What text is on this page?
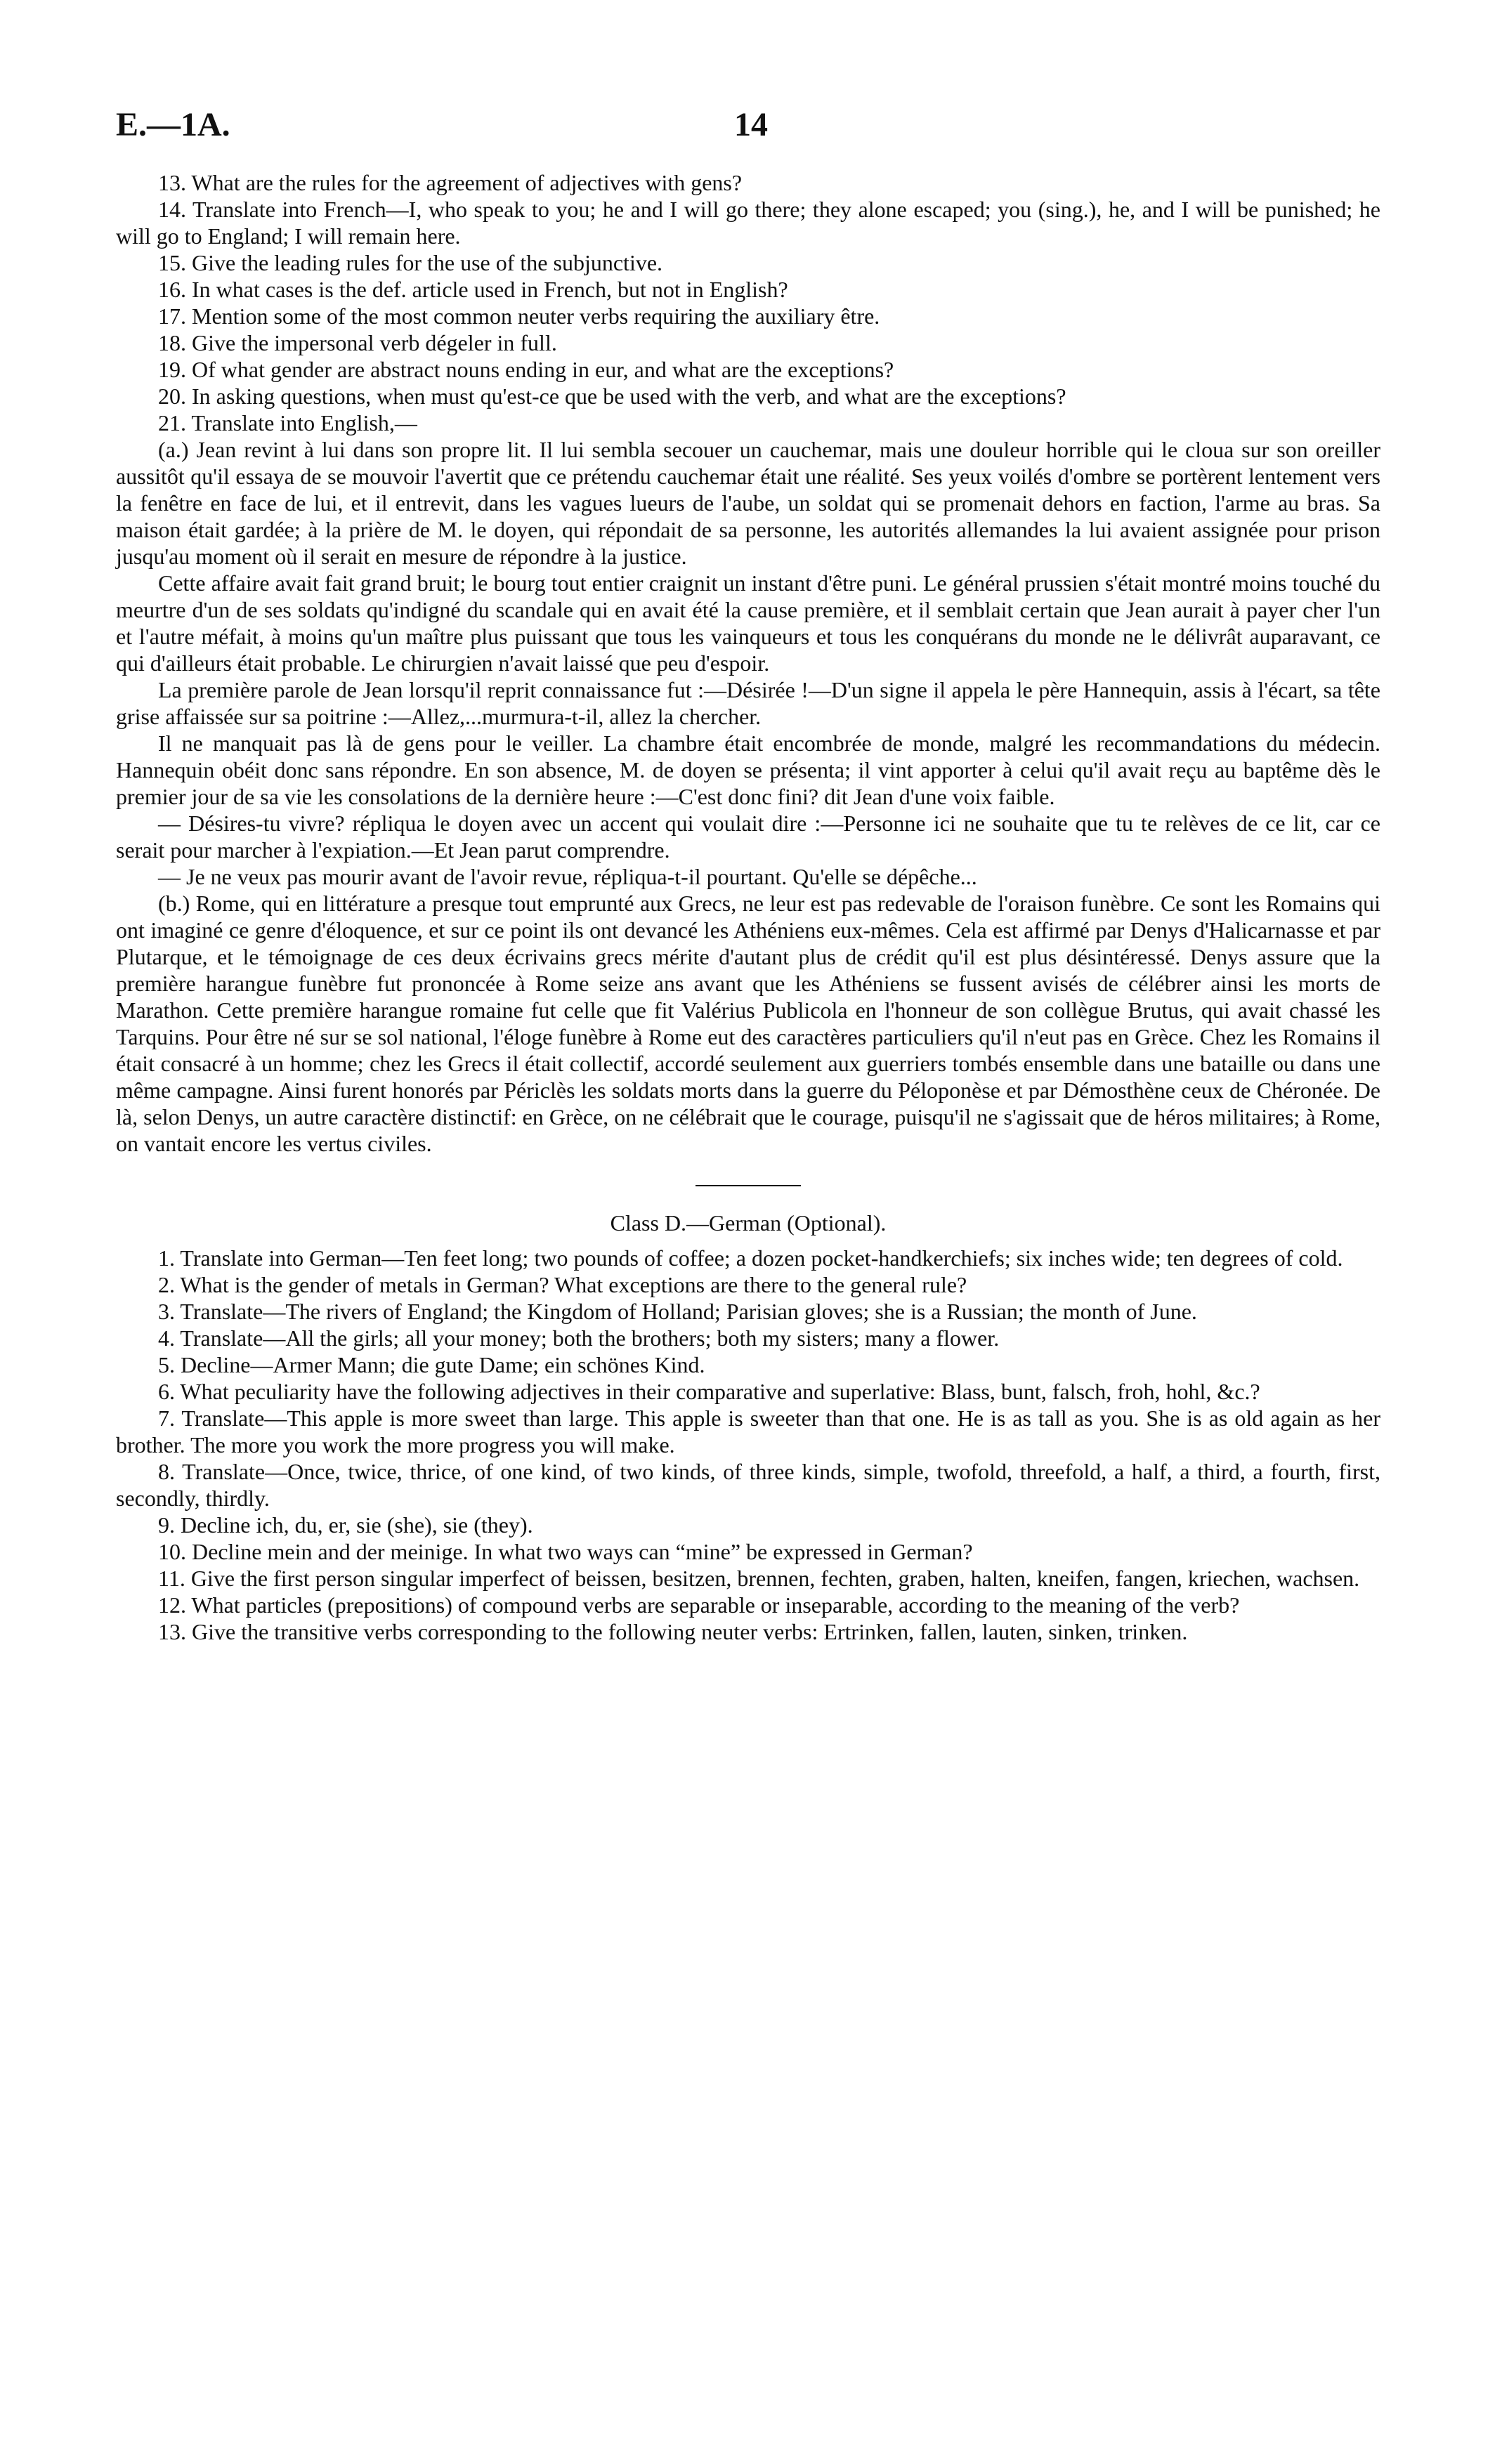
E.—1A.	14

13. What are the rules for the agreement of adjectives with gens?

14. Translate into French—I, who speak to you; he and I will go there; they alone escaped; you (sing.), he, and I will be punished; he will go to England; I will remain here.

15. Give the leading rules for the use of the subjunctive.

16. In what cases is the def. article used in French, but not in English?

17. Mention some of the most common neuter verbs requiring the auxiliary être.

18. Give the impersonal verb dégeler in full.

19. Of what gender are abstract nouns ending in eur, and what are the exceptions?

20. In asking questions, when must qu'est-ce que be used with the verb, and what are the exceptions?

21. Translate into English,—

(a.) Jean revint à lui dans son propre lit. Il lui sembla secouer un cauchemar, mais une douleur horrible qui le cloua sur son oreiller aussitôt qu'il essaya de se mouvoir l'avertit que ce prétendu cauchemar était une réalité. Ses yeux voilés d'ombre se portèrent lentement vers la fenêtre en face de lui, et il entrevit, dans les vagues lueurs de l'aube, un soldat qui se promenait dehors en faction, l'arme au bras. Sa maison était gardée; à la prière de M. le doyen, qui répondait de sa personne, les autorités allemandes la lui avaient assignée pour prison jusqu'au moment où il serait en mesure de répondre à la justice.

Cette affaire avait fait grand bruit; le bourg tout entier craignit un instant d'être puni. Le général prussien s'était montré moins touché du meurtre d'un de ses soldats qu'indigné du scandale qui en avait été la cause première, et il semblait certain que Jean aurait à payer cher l'un et l'autre méfait, à moins qu'un maître plus puissant que tous les vainqueurs et tous les conquérans du monde ne le délivrât auparavant, ce qui d'ailleurs était probable. Le chirurgien n'avait laissé que peu d'espoir.

La première parole de Jean lorsqu'il reprit connaissance fut :—Désirée !—D'un signe il appela le père Hannequin, assis à l'écart, sa tête grise affaissée sur sa poitrine :—Allez,...murmura-t-il, allez la chercher.

Il ne manquait pas là de gens pour le veiller. La chambre était encombrée de monde, malgré les recommandations du médecin. Hannequin obéit donc sans répondre. En son absence, M. de doyen se présenta; il vint apporter à celui qu'il avait reçu au baptême dès le premier jour de sa vie les consolations de la dernière heure :—C'est donc fini? dit Jean d'une voix faible.

— Désires-tu vivre? répliqua le doyen avec un accent qui voulait dire :—Personne ici ne souhaite que tu te relèves de ce lit, car ce serait pour marcher à l'expiation.—Et Jean parut comprendre.

— Je ne veux pas mourir avant de l'avoir revue, répliqua-t-il pourtant. Qu'elle se dépêche...

(b.) Rome, qui en littérature a presque tout emprunté aux Grecs, ne leur est pas redevable de l'oraison funèbre. Ce sont les Romains qui ont imaginé ce genre d'éloquence, et sur ce point ils ont devancé les Athéniens eux-mêmes. Cela est affirmé par Denys d'Halicarnasse et par Plutarque, et le témoignage de ces deux écrivains grecs mérite d'autant plus de crédit qu'il est plus désintéressé. Denys assure que la première harangue funèbre fut prononcée à Rome seize ans avant que les Athéniens se fussent avisés de célébrer ainsi les morts de Marathon. Cette première harangue romaine fut celle que fit Valérius Publicola en l'honneur de son collègue Brutus, qui avait chassé les Tarquins. Pour être né sur se sol national, l'éloge funèbre à Rome eut des caractères particuliers qu'il n'eut pas en Grèce. Chez les Romains il était consacré à un homme; chez les Grecs il était collectif, accordé seulement aux guerriers tombés ensemble dans une bataille ou dans une même campagne. Ainsi furent honorés par Périclès les soldats morts dans la guerre du Péloponèse et par Démosthène ceux de Chéronée. De là, selon Denys, un autre caractère distinctif: en Grèce, on ne célébrait que le courage, puisqu'il ne s'agissait que de héros militaires; à Rome, on vantait encore les vertus civiles.

Class D.—German (Optional).

1. Translate into German—Ten feet long; two pounds of coffee; a dozen pocket-handkerchiefs; six inches wide; ten degrees of cold.

2. What is the gender of metals in German? What exceptions are there to the general rule?

3. Translate—The rivers of England; the Kingdom of Holland; Parisian gloves; she is a Russian; the month of June.

4. Translate—All the girls; all your money; both the brothers; both my sisters; many a flower.

5. Decline—Armer Mann; die gute Dame; ein schönes Kind.

6. What peculiarity have the following adjectives in their comparative and superlative: Blass, bunt, falsch, froh, hohl, &c.?

7. Translate—This apple is more sweet than large. This apple is sweeter than that one. He is as tall as you. She is as old again as her brother. The more you work the more progress you will make.

8. Translate—Once, twice, thrice, of one kind, of two kinds, of three kinds, simple, twofold, threefold, a half, a third, a fourth, first, secondly, thirdly.

9. Decline ich, du, er, sie (she), sie (they).

10. Decline mein and der meinige. In what two ways can “mine” be expressed in German?

11. Give the first person singular imperfect of beissen, besitzen, brennen, fechten, graben, halten, kneifen, fangen, kriechen, wachsen.

12. What particles (prepositions) of compound verbs are separable or inseparable, according to the meaning of the verb?

13. Give the transitive verbs corresponding to the following neuter verbs: Ertrinken, fallen, lauten, sinken, trinken.
